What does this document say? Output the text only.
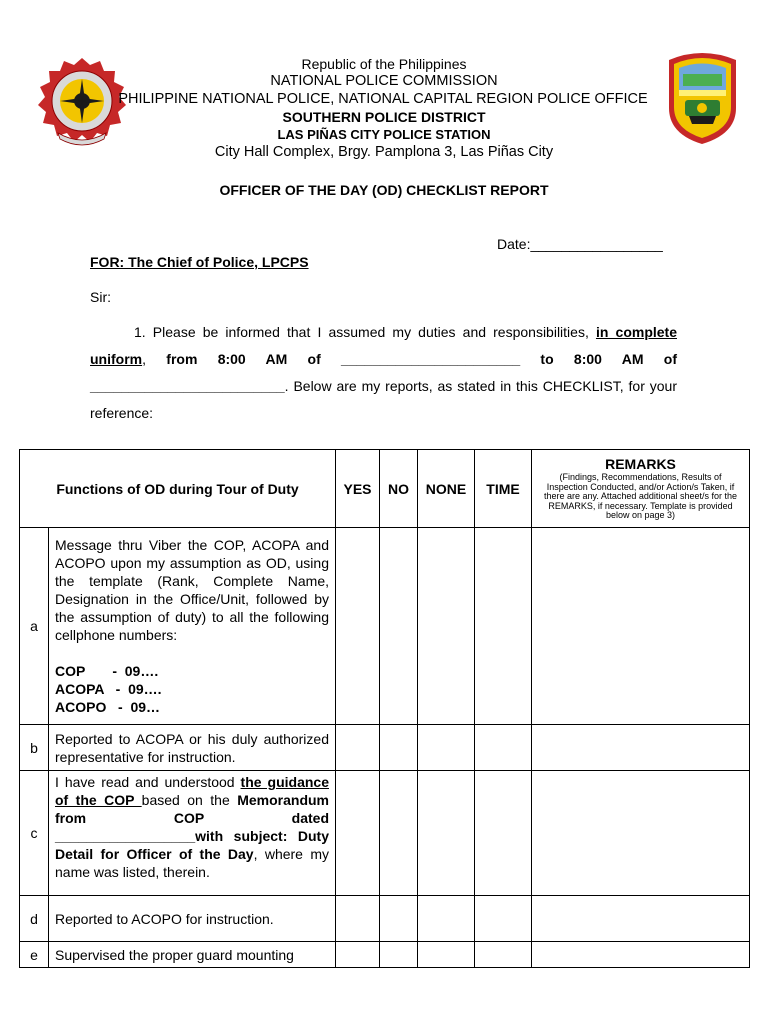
Republic of the Philippines
NATIONAL POLICE COMMISSION
PHILIPPINE NATIONAL POLICE, NATIONAL CAPITAL REGION POLICE OFFICE
SOUTHERN POLICE DISTRICT
LAS PIÑAS CITY POLICE STATION
City Hall Complex, Brgy. Pamplona 3, Las Piñas City
OFFICER OF THE DAY (OD) CHECKLIST REPORT
Date:_________________
FOR: The Chief of Police, LPCPS
Sir:

1. Please be informed that I assumed my duties and responsibilities, in complete uniform, from 8:00 AM of _______________________ to 8:00 AM of _________________________. Below are my reports, as stated in this CHECKLIST, for your reference:

Functions of OD during Tour of Duty		YES	NO	NONE	TIME	REMARKS
(Findings, Recommendations, Results of Inspection Conducted, and/or Action/s Taken, if there are any. Attached additional sheet/s for the REMARKS, if necessary. Template is provided below on page 3)

a	Message thru Viber the COP, ACOPA and ACOPO upon my assumption as OD, using the template (Rank, Complete Name, Designation in the Office/Unit, followed by the assumption of duty) to all the following cellphone numbers:
COP       -  09….
ACOPA   -  09….
ACOPO   -  09…					

b	Reported to ACOPA or his duly authorized representative for instruction.					
c	I have read and understood the guidance of the COP based on the Memorandum from COP dated __________________with subject: Duty Detail for Officer of the Day, where my name was listed, therein.					
d	Reported to ACOPO for instruction.					
e	Supervised the proper guard mounting					
